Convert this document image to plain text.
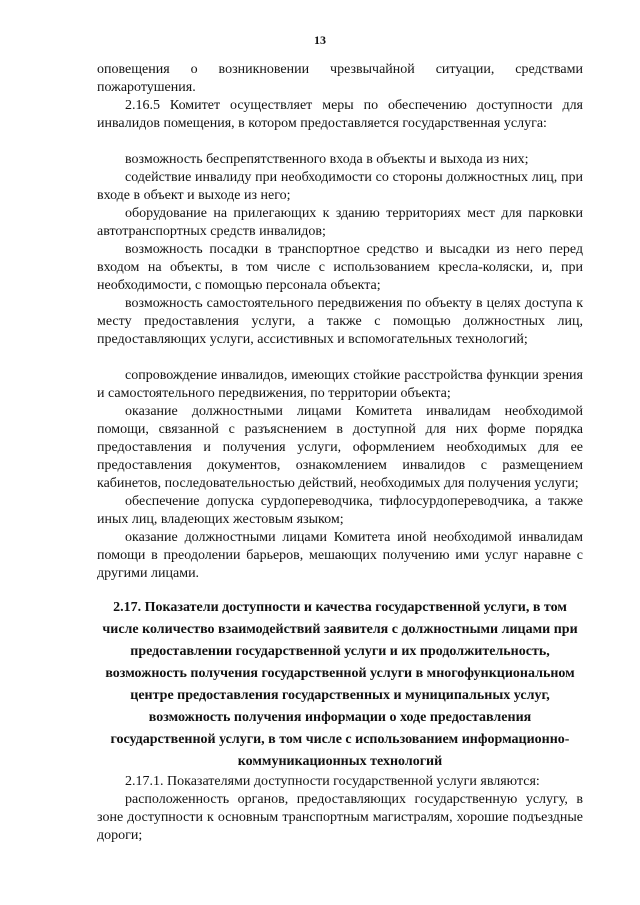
13

оповещения о возникновении чрезвычайной ситуации, средствами пожаротушения.

2.16.5 Комитет осуществляет меры по обеспечению доступности для инвалидов помещения, в котором предоставляется государственная услуга:

возможность беспрепятственного входа в объекты и выхода из них;

содействие инвалиду при необходимости со стороны должностных лиц, при входе в объект и выходе из него;

оборудование на прилегающих к зданию территориях мест для парковки автотранспортных средств инвалидов;

возможность посадки в транспортное средство и высадки из него перед входом на объекты, в том числе с использованием кресла-коляски, и, при необходимости, с помощью персонала объекта;

возможность самостоятельного передвижения по объекту в целях доступа к месту предоставления услуги, а также с помощью должностных лиц, предоставляющих услуги, ассистивных и вспомогательных технологий;

сопровождение инвалидов, имеющих стойкие расстройства функции зрения и самостоятельного передвижения, по территории объекта;

оказание должностными лицами Комитета инвалидам необходимой помощи, связанной с разъяснением в доступной для них форме порядка предоставления и получения услуги, оформлением необходимых для ее предоставления документов, ознакомлением инвалидов с размещением кабинетов, последовательностью действий, необходимых для получения услуги;

обеспечение допуска сурдопереводчика, тифлосурдопереводчика, а также иных лиц, владеющих жестовым языком;

оказание должностными лицами Комитета иной необходимой инвалидам помощи в преодолении барьеров, мешающих получению ими услуг наравне с другими лицами.

2.17. Показатели доступности и качества государственной услуги, в том числе количество взаимодействий заявителя с должностными лицами при предоставлении государственной услуги и их продолжительность, возможность получения государственной услуги в многофункциональном центре предоставления государственных и муниципальных услуг, возможность получения информации о ходе предоставления государственной услуги, в том числе с использованием информационно-коммуникационных технологий

2.17.1. Показателями доступности государственной услуги являются:

расположенность органов, предоставляющих государственную услугу, в зоне доступности к основным транспортным магистралям, хорошие подъездные дороги;
